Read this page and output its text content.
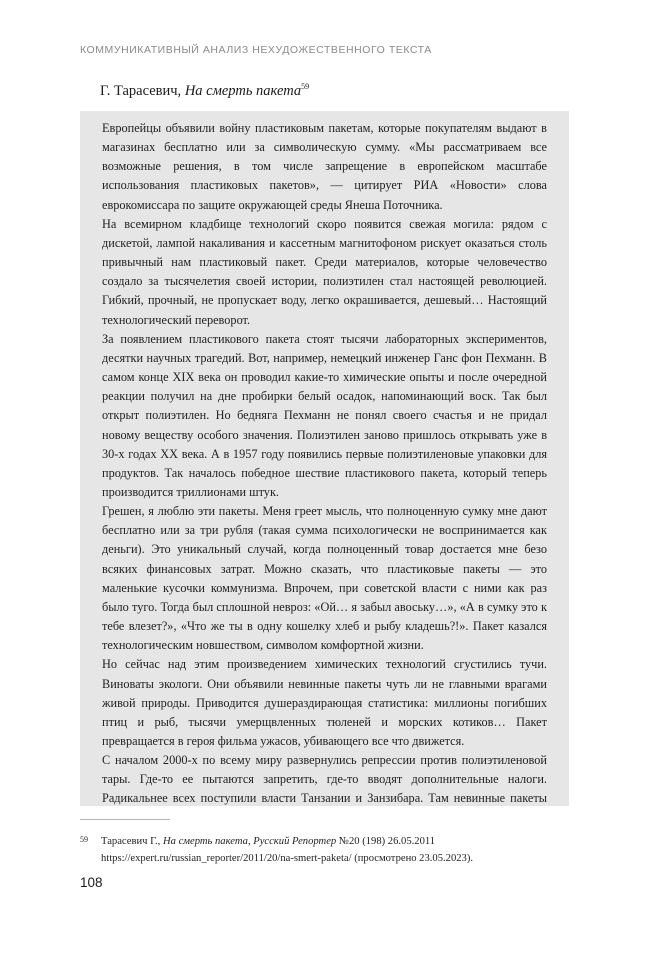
КОММУНИКАТИВНЫЙ АНАЛИЗ НЕХУДОЖЕСТВЕННОГО ТЕКСТА
Г. Тарасевич, На смерть пакета$^{59}$

Европейцы объявили войну пластиковым пакетам, которые покупателям выдают в магазинах бесплатно или за символическую сумму. «Мы рассматриваем все возможные решения, в том числе запрещение в европейском масштабе использования пластиковых пакетов», — цитирует РИА «Новости» слова еврокомиссара по защите окружающей среды Янеша Поточника.

На всемирном кладбище технологий скоро появится свежая могила: рядом с дискетой, лампой накаливания и кассетным магнитофоном рискует оказаться столь привычный нам пластиковый пакет. Среди материалов, которые человечество создало за тысячелетия своей истории, полиэтилен стал настоящей революцией. Гибкий, прочный, не пропускает воду, легко окрашивается, дешевый… Настоящий технологический переворот.

За появлением пластикового пакета стоят тысячи лабораторных экспериментов, десятки научных трагедий. Вот, например, немецкий инженер Ганс фон Пехманн. В самом конце XIX века он проводил какие-то химические опыты и после очередной реакции получил на дне пробирки белый осадок, напоминающий воск. Так был открыт полиэтилен. Но бедняга Пехманн не понял своего счастья и не придал новому веществу особого значения. Полиэтилен заново пришлось открывать уже в 30-х годах XX века. А в 1957 году появились первые полиэтиленовые упаковки для продуктов. Так началось победное шествие пластикового пакета, который теперь производится триллионами штук.

Грешен, я люблю эти пакеты. Меня греет мысль, что полноценную сумку мне дают бесплатно или за три рубля (такая сумма психологически не воспринимается как деньги). Это уникальный случай, когда полноценный товар достается мне безо всяких финансовых затрат. Можно сказать, что пластиковые пакеты — это маленькие кусочки коммунизма. Впрочем, при советской власти с ними как раз было туго. Тогда был сплошной невроз: «Ой… я забыл авоську…», «А в сумку это к тебе влезет?», «Что же ты в одну кошелку хлеб и рыбу кладешь?!». Пакет казался технологическим новшеством, символом комфортной жизни.

Но сейчас над этим произведением химических технологий сгустились тучи. Виноваты экологи. Они объявили невинные пакеты чуть ли не главными врагами живой природы. Приводится душераздирающая статистика: миллионы погибших птиц и рыб, тысячи умерщвленных тюленей и морских котиков… Пакет превращается в героя фильма ужасов, убивающего все что движется.

С началом 2000-х по всему миру развернулись репрессии против полиэтиленовой тары. Где-то ее пытаются запретить, где-то вводят дополнительные налоги. Радикальнее всех поступили власти Танзании и Занзибара. Там невинные пакеты

59 Тарасевич Г., На смерть пакета, Русский Репортер №20 (198) 26.05.2011 https://expert.ru/russian_reporter/2011/20/na-smert-paketa/ (просмотрено 23.05.2023).
108
